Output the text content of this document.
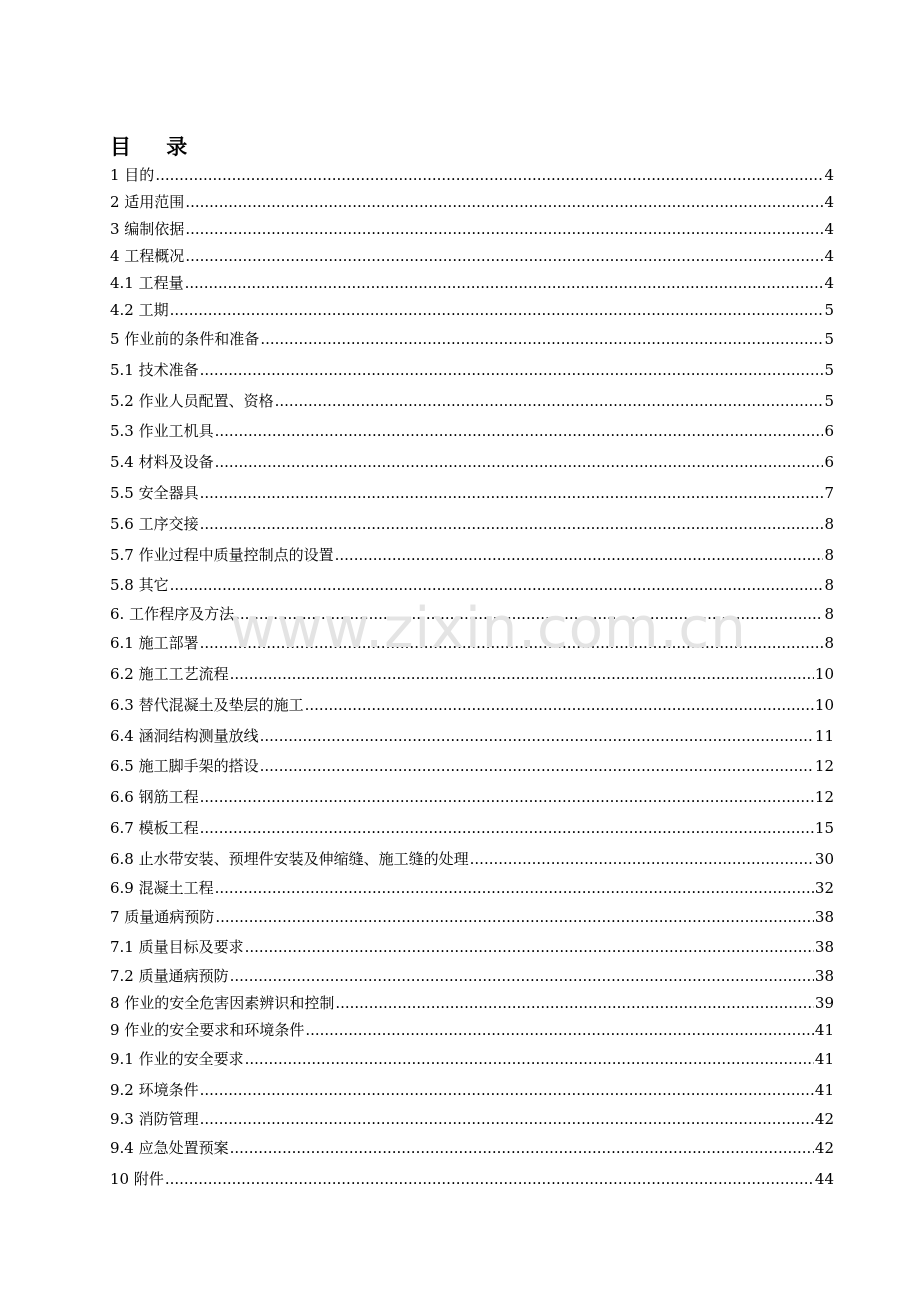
目 录
1 目的 .....	4
2 适用范围 .....	4
3 编制依据 .....	4
4 工程概况 .....	4
4.1 工程量 .....	4
4.2 工期 .....	5
5 作业前的条件和准备 .....	5
5.1 技术准备 .....	5
5.2 作业人员配置、资格 .....	5
5.3 作业工机具 .....	6
5.4 材料及设备 .....	6
5.5 安全器具 .....	7
5.6 工序交接 .....	8
5.7 作业过程中质量控制点的设置 .....	8
5.8 其它 .....	8
6. 工作程序及方法 .....	8
6.1 施工部署 .....	8
6.2 施工工艺流程 .....	10
6.3 替代混凝土及垫层的施工 .....	10
6.4 涵洞结构测量放线 .....	11
6.5 施工脚手架的搭设 .....	12
6.6 钢筋工程 .....	12
6.7 模板工程 .....	15
6.8 止水带安装、预埋件安装及伸缩缝、施工缝的处理 .....	30
6.9 混凝土工程 .....	32
7 质量通病预防 .....	38
7.1 质量目标及要求 .....	38
7.2 质量通病预防 .....	38
8 作业的安全危害因素辨识和控制 .....	39
9 作业的安全要求和环境条件 .....	41
9.1 作业的安全要求 .....	41
9.2 环境条件 .....	41
9.3 消防管理 .....	42
9.4 应急处置预案 .....	42
10 附件 .....	44
www.zixin.com.cn
